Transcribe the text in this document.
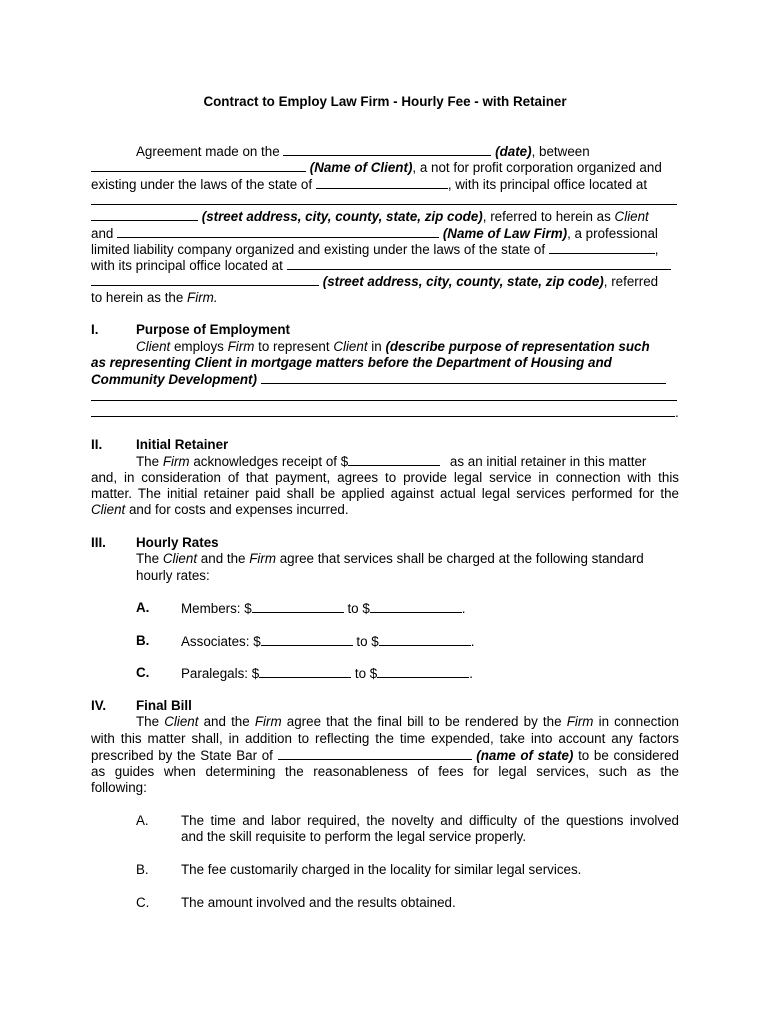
Contract to Employ Law Firm - Hourly Fee - with Retainer
Agreement made on the	(date), between
(Name of Client), a not for profit corporation organized and
existing under the laws of the state of	, with its principal office located at
(street address, city, county, state, zip code), referred to herein as Client
and	(Name of Law Firm), a professional
limited liability company organized and existing under the laws of the state of	,
with its principal office located at
(street address, city, county, state, zip code), referred
to herein as the Firm.
I.	Purpose of Employment
Client employs Firm to represent Client in (describe purpose of representation such
as representing Client in mortgage matters before the Department of Housing and
Community Development)
.
II.	Initial Retainer
The Firm acknowledges receipt of $	as an initial retainer in this matter
and, in consideration of that payment, agrees to provide legal service in connection with this
matter. The initial retainer paid shall be applied against actual legal services performed for the
Client and for costs and expenses incurred.
III. Hourly Rates
The Client and the Firm agree that services shall be charged at the following standard
hourly rates:
A. Members: $	to $	.
B. Associates: $	to $	.
C. Paralegals: $	to $	.
IV. Final Bill
The Client and the Firm agree that the final bill to be rendered by the Firm in connection
with this matter shall, in addition to reflecting the time expended, take into account any factors
prescribed by the State Bar of	(name of state) to be considered
as guides when determining the reasonableness of fees for legal services, such as the
following:
A. The time and labor required, the novelty and difficulty of the questions involved
and the skill requisite to perform the legal service properly.
B. The fee customarily charged in the locality for similar legal services.
C. The amount involved and the results obtained.
